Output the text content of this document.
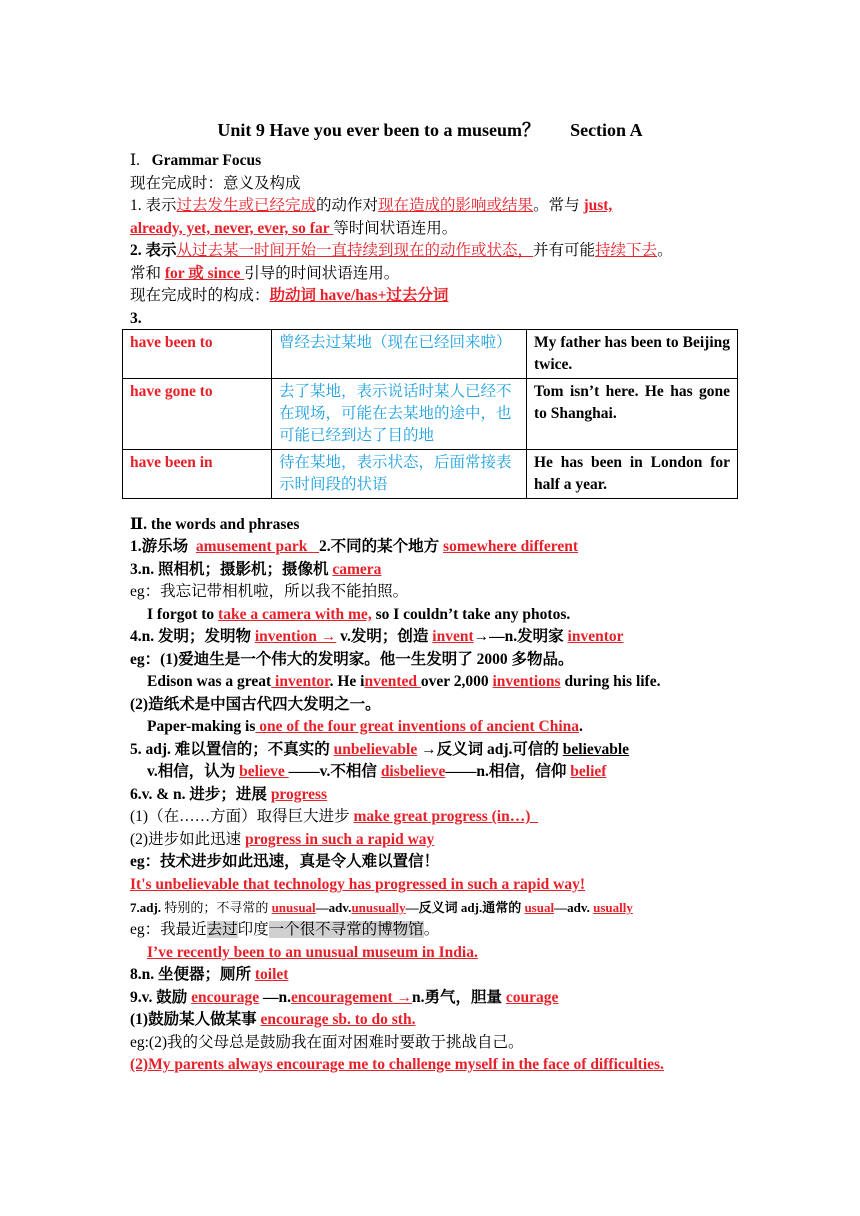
Unit 9 Have you ever been to a museum？ Section A
Ⅰ. Grammar Focus
现在完成时：意义及构成
1. 表示过去发生或已经完成的动作对现在造成的影响或结果。常与 just,
already, yet, never, ever, so far 等时间状语连用。
2. 表示从过去某一时间开始一直持续到现在的动作或状态，并有可能持续下去。
常和 for 或 since 引导的时间状语连用。
现在完成时的构成：助动词 have/has+过去分词
3.
have been to	曾经去过某地（现在已经回来啦）	My father has been to Beijing twice.
have gone to	去了某地，表示说话时某人已经不在现场，可能在去某地的途中，也可能已经到达了目的地	Tom isn’t here. He has gone to Shanghai.
have been in	待在某地，表示状态，后面常接表示时间段的状语	He has been in London for half a year.
Ⅱ. the words and phrases
1.游乐场  amusement park   2.不同的某个地方 somewhere different
3.n. 照相机；摄影机；摄像机 camera
eg：我忘记带相机啦，所以我不能拍照。
I forgot to take a camera with me, so I couldn’t take any photos.
4.n. 发明；发明物 invention → v.发明；创造 invent→—n.发明家 inventor
eg：(1)爱迪生是一个伟大的发明家。他一生发明了 2000 多物品。
Edison was a great inventor. He invented over 2,000 inventions during his life.
(2)造纸术是中国古代四大发明之一。
Paper-making is one of the four great inventions of ancient China.
5. adj. 难以置信的；不真实的 unbelievable →反义词 adj.可信的 believable
v.相信，认为 believe ——v.不相信 disbelieve——n.相信，信仰 belief
6.v. & n. 进步；进展 progress
(1)（在……方面）取得巨大进步 make great progress (in…)
(2)进步如此迅速 progress in such a rapid way
eg：技术进步如此迅速，真是令人难以置信！
It's unbelievable that technology has progressed in such a rapid way!
7.adj. 特别的；不寻常的 unusual—adv.unusually—反义词 adj.通常的 usual—adv. usually
eg：我最近去过印度一个很不寻常的博物馆。
I’ve recently been to an unusual museum in India.
8.n. 坐便器；厕所 toilet
9.v. 鼓励 encourage —n.encouragement →n.勇气，胆量 courage
(1)鼓励某人做某事 encourage sb. to do sth.
eg:(2)我的父母总是鼓励我在面对困难时要敢于挑战自己。
(2)My parents always encourage me to challenge myself in the face of difficulties.
